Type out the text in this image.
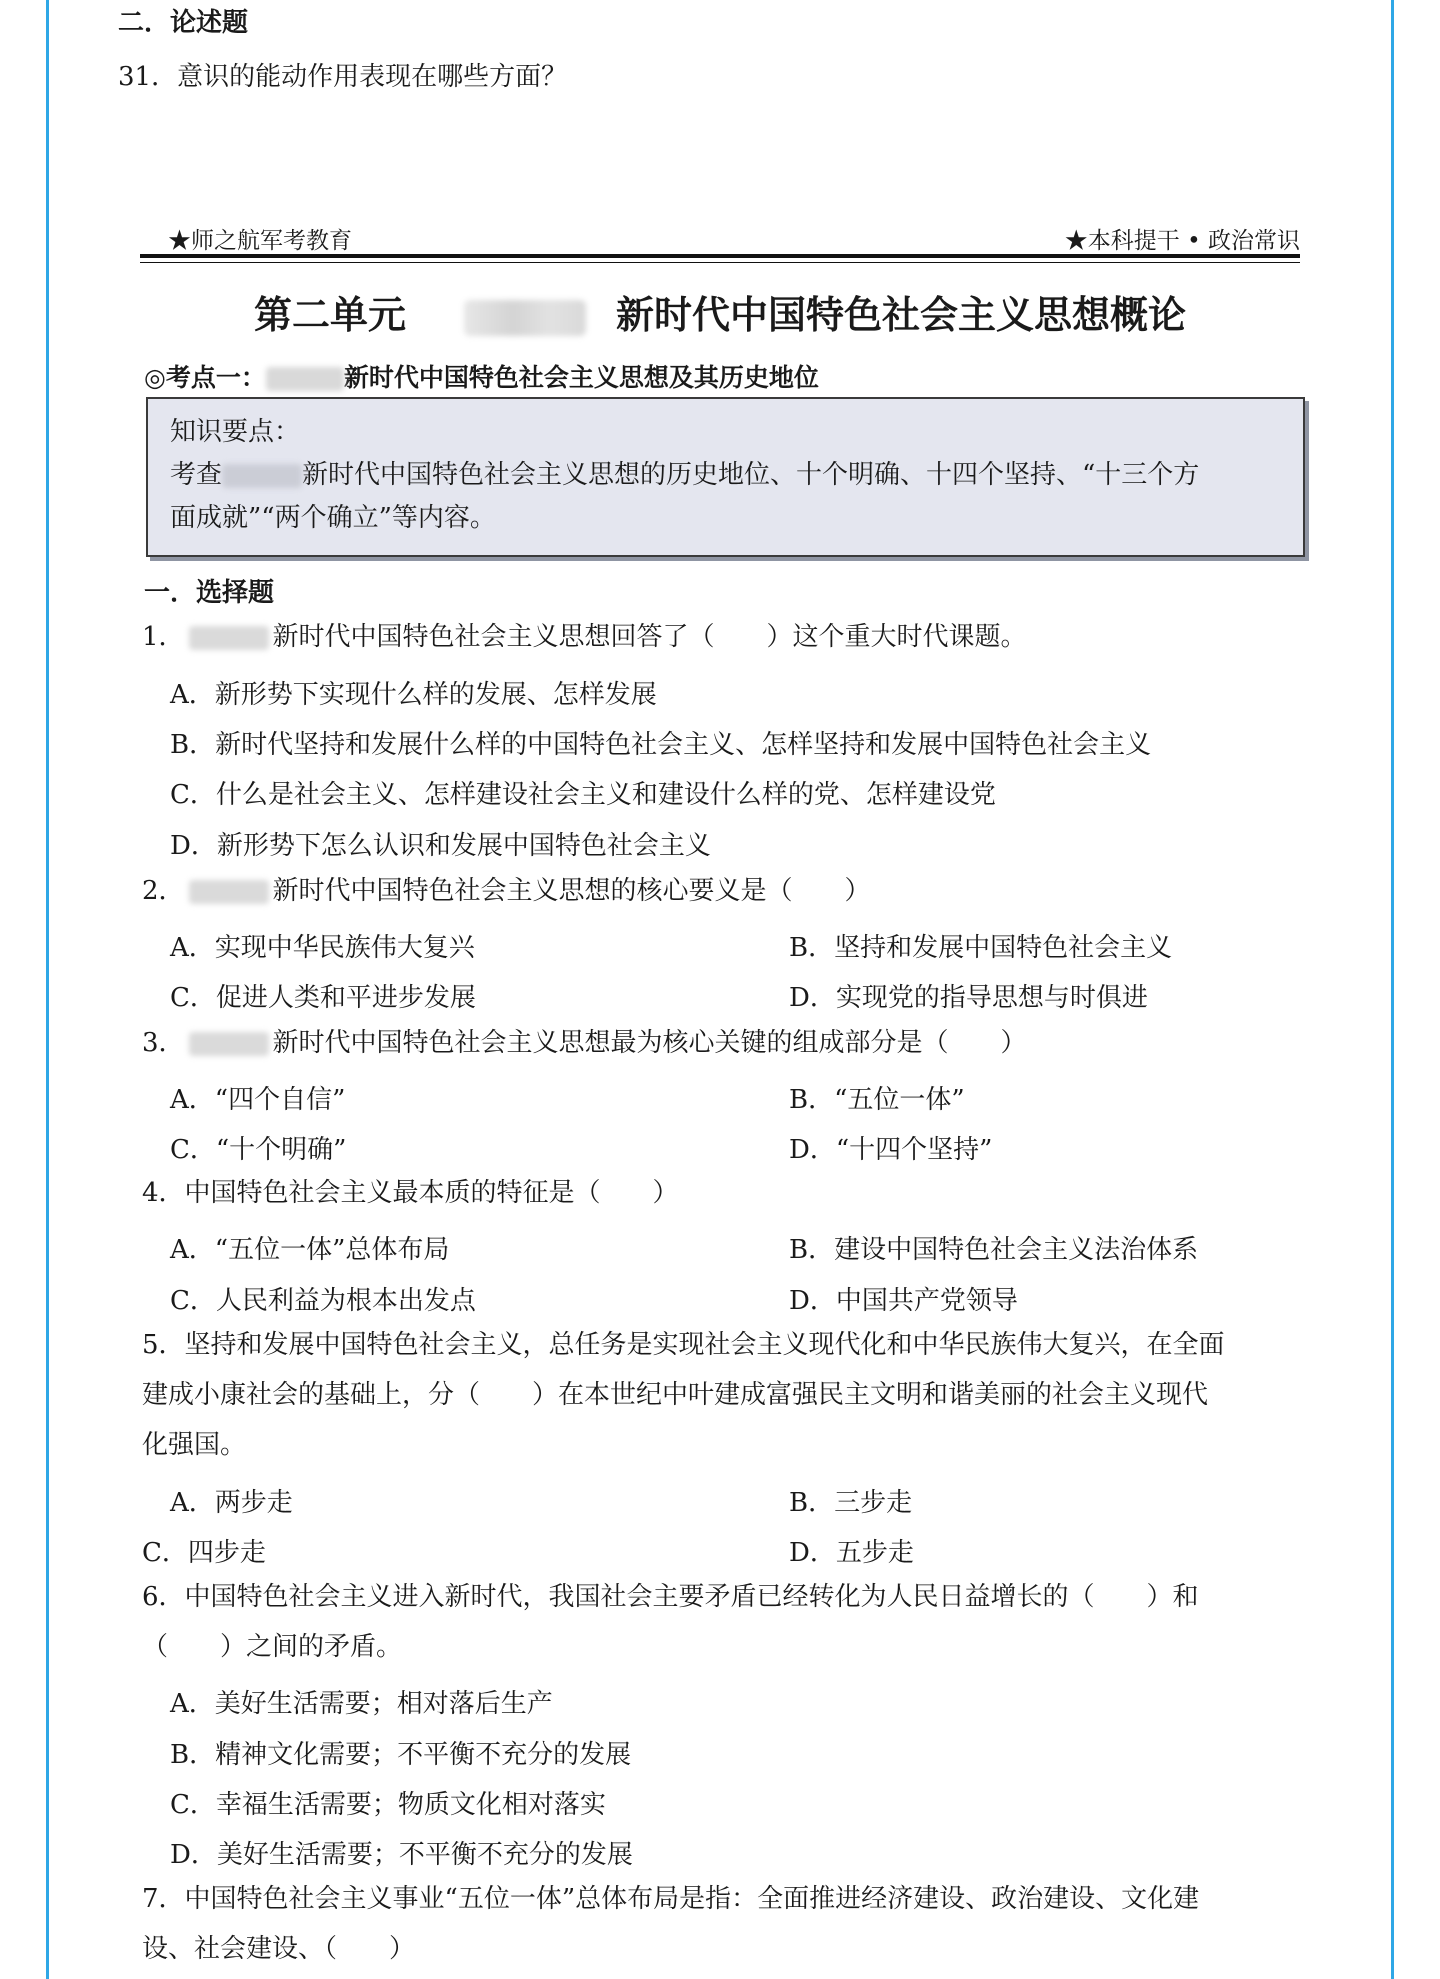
二．论述题
31．意识的能动作用表现在哪些方面？
★师之航军考教育	★本科提干 • 政治常识
第二单元	新时代中国特色社会主义思想概论
◎考点一：	新时代中国特色社会主义思想及其历史地位
知识要点：
考查	新时代中国特色社会主义思想的历史地位、十个明确、十四个坚持、“十三个方
面成就”“两个确立”等内容。
一．选择题
1．	新时代中国特色社会主义思想回答了（　　）这个重大时代课题。
A．新形势下实现什么样的发展、怎样发展
B．新时代坚持和发展什么样的中国特色社会主义、怎样坚持和发展中国特色社会主义
C．什么是社会主义、怎样建设社会主义和建设什么样的党、怎样建设党
D．新形势下怎么认识和发展中国特色社会主义
2．	新时代中国特色社会主义思想的核心要义是（　　）
A．实现中华民族伟大复兴	B．坚持和发展中国特色社会主义
C．促进人类和平进步发展	D．实现党的指导思想与时俱进
3．	新时代中国特色社会主义思想最为核心关键的组成部分是（　　）
A．“四个自信”	B．“五位一体”
C．“十个明确”	D．“十四个坚持”
4．中国特色社会主义最本质的特征是（　　）
A．“五位一体”总体布局	B．建设中国特色社会主义法治体系
C．人民利益为根本出发点	D．中国共产党领导
5．坚持和发展中国特色社会主义，总任务是实现社会主义现代化和中华民族伟大复兴，在全面
建成小康社会的基础上，分（　　）在本世纪中叶建成富强民主文明和谐美丽的社会主义现代
化强国。
A．两步走	B．三步走
C．四步走	D．五步走
6．中国特色社会主义进入新时代，我国社会主要矛盾已经转化为人民日益增长的（　　）和
（　　）之间的矛盾。
A．美好生活需要；相对落后生产
B．精神文化需要；不平衡不充分的发展
C．幸福生活需要；物质文化相对落实
D．美好生活需要；不平衡不充分的发展
7．中国特色社会主义事业“五位一体”总体布局是指：全面推进经济建设、政治建设、文化建
设、社会建设、（　　）
